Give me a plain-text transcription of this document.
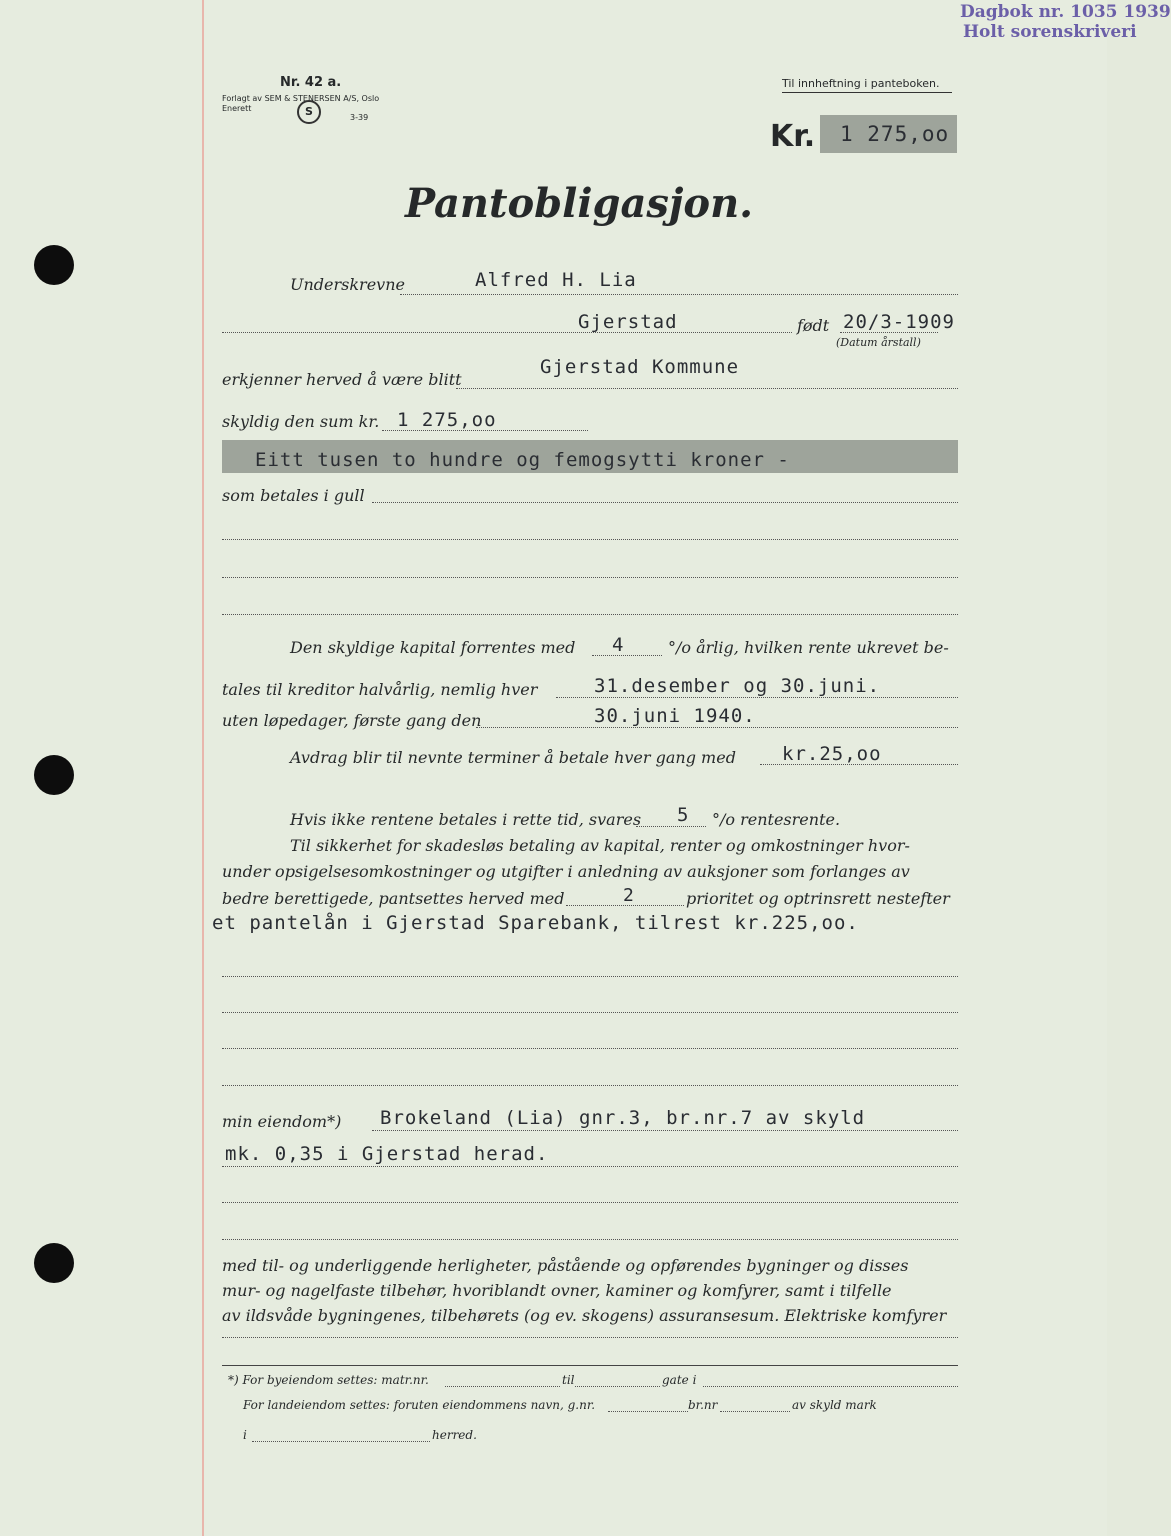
Dagbok nr. 1035 1939
Holt sorenskriveri
Nr. 42 a.
Forlagt av SEM & STENERSEN A/S, Oslo
Enerett	S	3-39
Til innheftning i panteboken.
Kr. 1 275,oo
Pantobligasjon.
Underskrevne	Alfred H. Lia
Gjerstad	født 20/3-1909
(Datum årstall)
erkjenner herved å være blitt
Gjerstad Kommune
skyldig den sum kr. 1 275,oo
Eitt tusen to hundre og femogsytti kroner -
som betales i gull
Den skyldige kapital forrentes med 4	°/o årlig, hvilken rente ukrevet be-
tales til kreditor halvårlig, nemlig hver	31.desember og 30.juni.
uten løpedager, første gang den	30.juni 1940.
Avdrag blir til nevnte terminer å betale hver gang med kr.25,oo
Hvis ikke rentene betales i rette tid, svares 5 °/o rentesrente.
Til sikkerhet for skadesløs betaling av kapital, renter og omkostninger hvor-
under opsigelsesomkostninger og utgifter i anledning av auksjoner som forlanges av
bedre berettigede, pantsettes herved med	2	prioritet og optrinsrett nestefter
et pantelån i Gjerstad Sparebank, tilrest kr.225,oo.
min eiendom*) Brokeland (Lia) gnr.3, br.nr.7 av skyld
mk. 0,35 i Gjerstad herad.
med til- og underliggende herligheter, påstående og opførendes bygninger og disses
mur- og nagelfaste tilbehør, hvoriblandt ovner, kaminer og komfyrer, samt i tilfelle
av ildsvåde bygningenes, tilbehørets (og ev. skogens) assuransesum. Elektriske komfyrer
*) For byeiendom settes: matr.nr.	til	gate i
For landeiendom settes: foruten eiendommens navn, g.nr.	br.nr	av skyld mark
i	herred.
